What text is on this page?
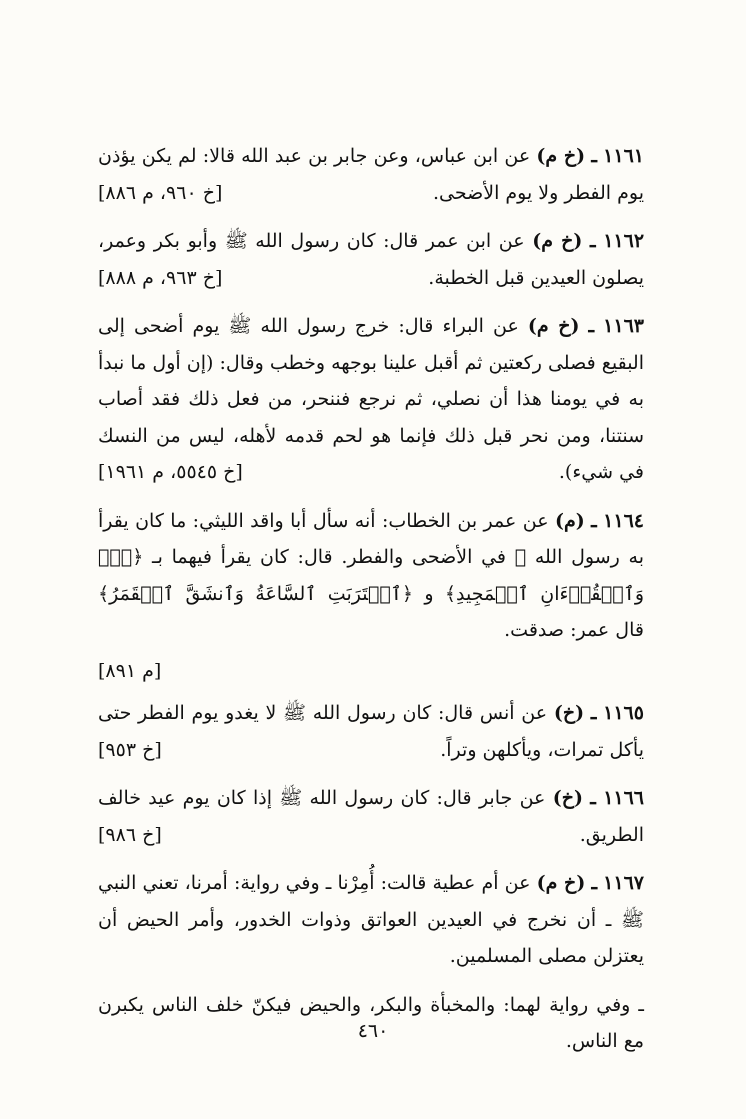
١١٦١ ـ (خ م) عن ابن عباس، وعن جابر بن عبد الله قالا: لم يكن يؤذن يوم الفطر ولا يوم الأضحى.
[خ ٩٦٠، م ٨٨٦]
١١٦٢ ـ (خ م) عن ابن عمر قال: كان رسول الله ﷺ وأبو بكر وعمر، يصلون العيدين قبل الخطبة.
[خ ٩٦٣، م ٨٨٨]
١١٦٣ ـ (خ م) عن البراء قال: خرج رسول الله ﷺ يوم أضحى إلى البقيع فصلى ركعتين ثم أقبل علينا بوجهه وخطب وقال: (إن أول ما نبدأ به في يومنا هذا أن نصلي، ثم نرجع فننحر، من فعل ذلك فقد أصاب سنتنا، ومن نحر قبل ذلك فإنما هو لحم قدمه لأهله، ليس من النسك في شيء).
[خ ٥٥٤٥، م ١٩٦١]
١١٦٤ ـ (م) عن عمر بن الخطاب: أنه سأل أبا واقد الليثي: ما كان يقرأ به رسول الله ﷺ في الأضحى والفطر. قال: كان يقرأ فيهما بـ ﴿قٓۚ وَٱلۡقُرۡءَانِ ٱلۡمَجِيدِ﴾ و ﴿ٱقۡتَرَبَتِ ٱلسَّاعَةُ وَٱنشَقَّ ٱلۡقَمَرُ﴾ قال عمر: صدقت.
[م ٨٩١]
١١٦٥ ـ (خ) عن أنس قال: كان رسول الله ﷺ لا يغدو يوم الفطر حتى يأكل تمرات، ويأكلهن وتراً.
[خ ٩٥٣]
١١٦٦ ـ (خ) عن جابر قال: كان رسول الله ﷺ إذا كان يوم عيد خالف الطريق.
[خ ٩٨٦]
١١٦٧ ـ (خ م) عن أم عطية قالت: أُمِرْنا ـ وفي رواية: أمرنا، تعني النبي ﷺ ـ أن نخرج في العيدين العواتق وذوات الخدور، وأمر الحيض أن يعتزلن مصلى المسلمين.
ـ وفي رواية لهما: والمخبأة والبكر، والحيض فيكنّ خلف الناس يكبرن مع الناس.
٤٦٠
